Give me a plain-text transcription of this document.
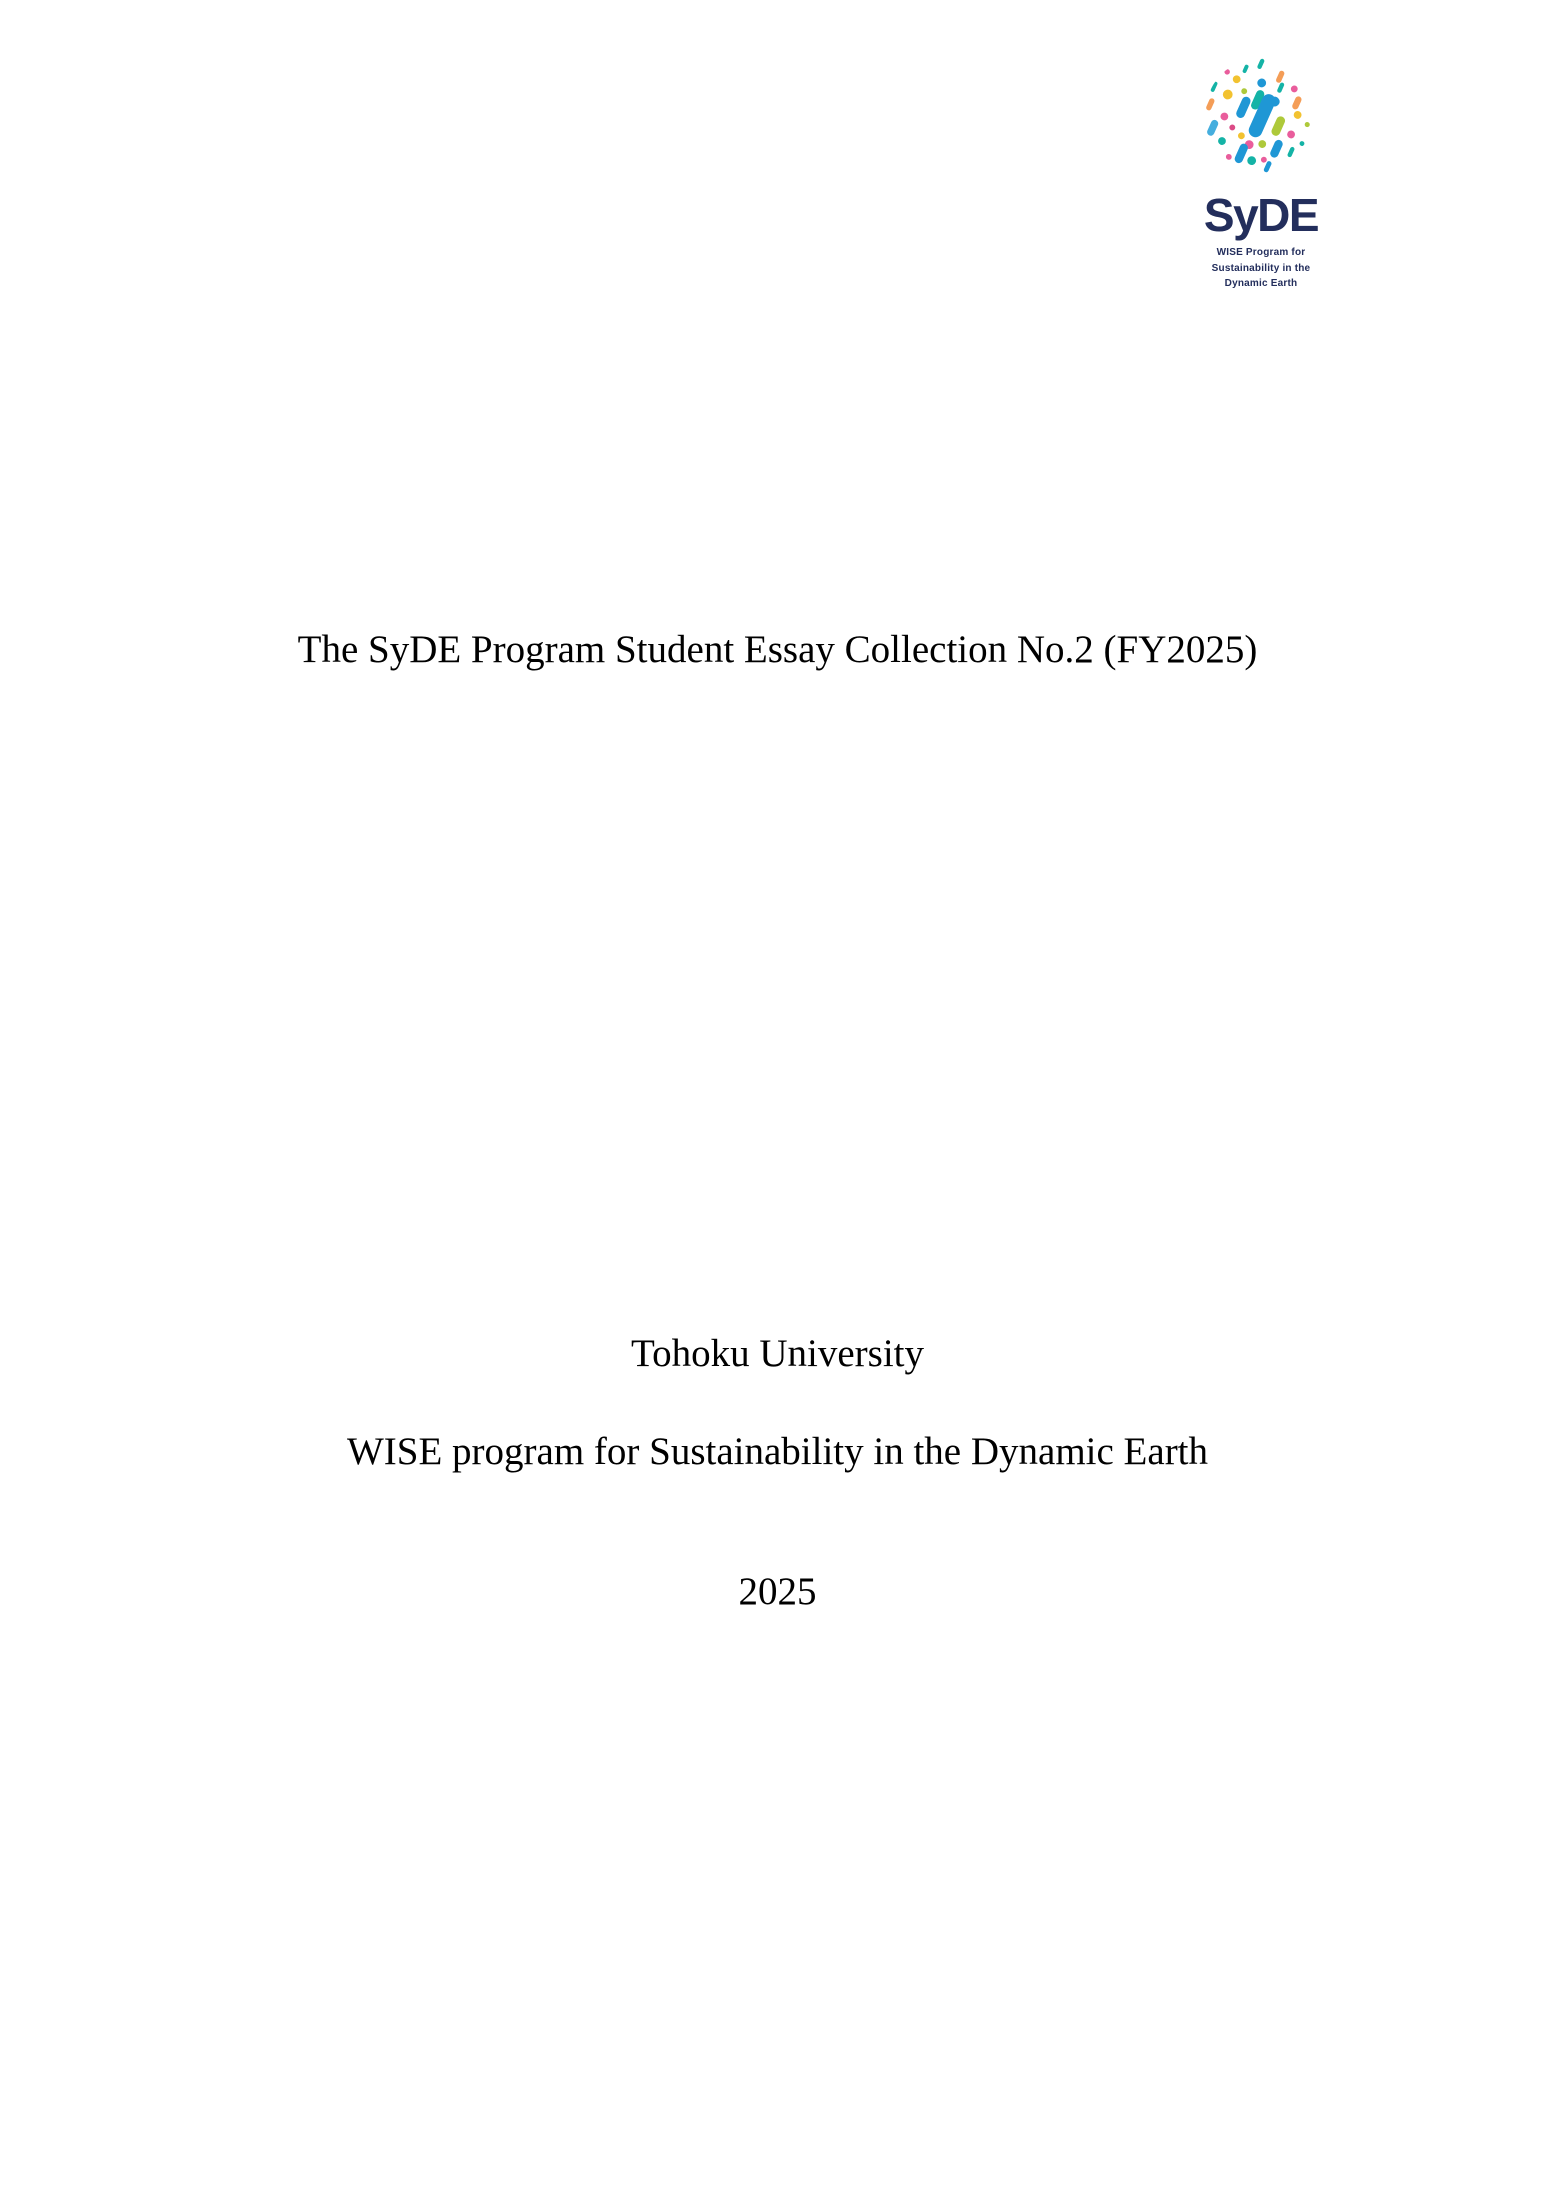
SyDE
WISE Program for
Sustainability in the
Dynamic Earth
The SyDE Program Student Essay Collection No.2 (FY2025)
Tohoku University
WISE program for Sustainability in the Dynamic Earth
2025
